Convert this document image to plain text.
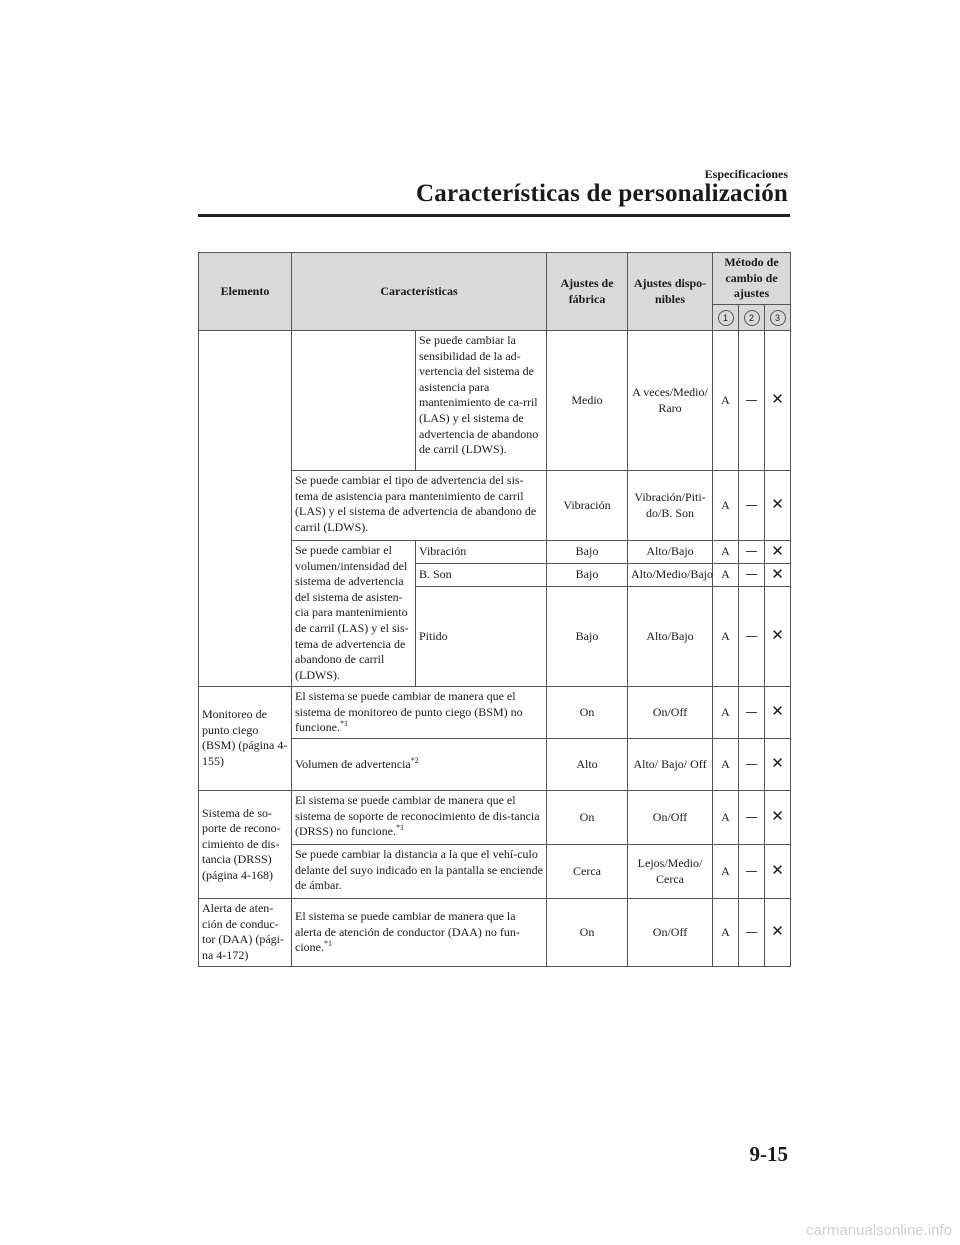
Especificaciones
Características de personalización
Elemento	Características		Ajustes de fábrica	Ajustes dispo-nibles	Método de cambio de ajustes		
					1	2	3
		Se puede cambiar la sensibilidad de la ad-vertencia del sistema de asistencia para mantenimiento de ca-rril (LAS) y el sistema de advertencia de abandono de carril (LDWS).	Medio	A veces/Medio/ Raro	A	—	✕
	Se puede cambiar el tipo de advertencia del sis-tema de asistencia para mantenimiento de carril (LAS) y el sistema de advertencia de abandono de carril (LDWS).		Vibración	Vibración/Piti-do/B. Son	A	—	✕
	Se puede cambiar el volumen/intensidad del sistema de advertencia del sistema de asisten-cia para mantenimiento de carril (LAS) y el sis-tema de advertencia de abandono de carril (LDWS).	Vibración	Bajo	Alto/Bajo	A	—	✕
		B. Son	Bajo	Alto/Medio/Bajo	A	—	✕
		Pitido	Bajo	Alto/Bajo	A	—	✕
Monitoreo de punto ciego (BSM) (página 4-155)	El sistema se puede cambiar de manera que el sistema de monitoreo de punto ciego (BSM) no funcione.$^{*1}$		On	On/Off	A	—	✕
	Volumen de advertencia$^{*2}$		Alto	Alto/ Bajo/ Off	A	—	✕
Sistema de so-porte de recono-cimiento de dis-tancia (DRSS) (página 4-168)	El sistema se puede cambiar de manera que el sistema de soporte de reconocimiento de dis-tancia (DRSS) no funcione.$^{*1}$		On	On/Off	A	—	✕
	Se puede cambiar la distancia a la que el vehí-culo delante del suyo indicado en la pantalla se enciende de ámbar.		Cerca	Lejos/Medio/ Cerca	A	—	✕
Alerta de aten-ción de conduc-tor (DAA) (pági-na 4-172)	El sistema se puede cambiar de manera que la alerta de atención de conductor (DAA) no fun-cione.$^{*1}$		On	On/Off	A	—	✕
9-15
carmanualsonline.info
